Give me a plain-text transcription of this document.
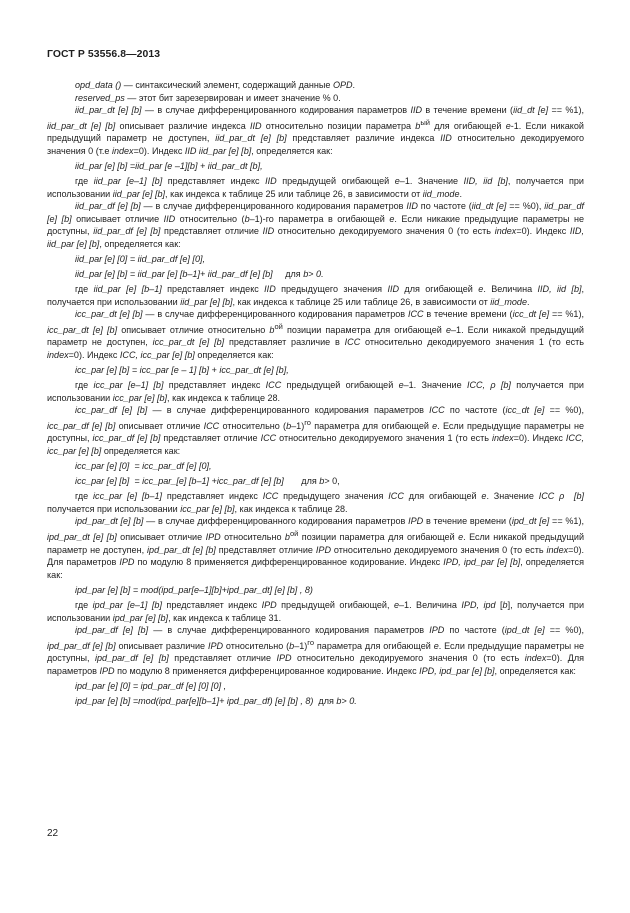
ГОСТ Р 53556.8—2013

opd_data () — синтаксический элемент, содержащий данные OPD.

reserved_ps — этот бит зарезервирован и имеет значение % 0.

iid_par_dt [e] [b] — в случае дифференцированного кодирования параметров IID в течение времени (iid_dt [e] == %1), iid_par_dt [e] [b] описывает различие индекса IID относительно позиции параметра $b^{ый}$ для огибающей e-1. Если никакой предыдущий параметр не доступен, iid_par_dt [e] [b] представляет различие индекса IID относительно декодируемого значения 0 (т.е index=0). Индекс IID iid_par [e] [b], определяется как:

iid_par [e] [b] =iid_par [e –1][b] + iid_par_dt [b],

где iid_par [e–1] [b] представляет индекс IID предыдущей огибающей e–1. Значение IID, iid [b], получается при использовании iid_par [e] [b], как индекса к таблице 25 или таблице 26, в зависимости от iid_mode.

iid_par_df [e] [b] — в случае дифференцированного кодирования параметров IID по частоте (iid_dt [e] == %0), iid_par_df [e] [b] описывает отличие IID относительно (b–1)-го параметра в огибающей e. Если никакие предыдущие параметры не доступны, iid_par_df [e] [b] представляет отличие IID относительно декодируемого значения 0 (то есть index=0). Индекс IID, iid_par [e] [b], определяется как:

iid_par [e] [0] = iid_par_df [e] [0],

iid_par [e] [b] = iid_par [e] [b–1]+ iid_par_df [e] [b]     для b> 0.

где iid_par [e] [b–1] представляет индекс IID предыдущего значения IID для огибающей e. Величина IID, iid [b], получается при использовании iid_par [e] [b], как индекса к таблице 25 или таблице 26, в зависимости от iid_mode.

icc_par_dt [e] [b] — в случае дифференцированного кодирования параметров ICC в течение времени (icc_dt [e] == %1), icc_par_dt [e] [b] описывает отличие относительно $b^{ой}$ позиции параметра для огибающей e–1. Если никакой предыдущий параметр не доступен, icc_par_dt [e] [b] представляет различие в ICC относительно декодируемого значения 1 (то есть index=0). Индекс ICC, icc_par [e] [b] определяется как:

icc_par [e] [b] = icc_par [e – 1] [b] + icc_par_dt [e] [b],

где icc_par [e–1] [b] представляет индекс ICC предыдущей огибающей e–1. Значение ICC, ρ [b] получается при использовании icc_par [e] [b], как индекса к таблице 28.

icc_par_df [e] [b] — в случае дифференцированного кодирования параметров ICC по частоте (icc_dt [e] == %0), icc_par_df [e] [b] описывает отличие ICC относительно $(b-1)^{го}$ параметра для огибающей e. Если предыдущие параметры не доступны, icc_par_df [e] [b] представляет отличие ICC относительно декодируемого значения 1 (то есть index=0). Индекс ICC, icc_par [e] [b] определяется как:

icc_par [e] [0]  = icc_par_df [e] [0],

icc_par [e] [b]  = icc_par_[e] [b–1] +icc_par_df [e] [b]       для b> 0,

где icc_par [e] [b–1] представляет индекс ICC предыдущего значения ICC для огибающей e. Значение ICC ρ  [b] получается при использовании icc_par [e] [b], как индекса к таблице 28.

ipd_par_dt [e] [b] — в случае дифференцированного кодирования параметров IPD в течение времени (ipd_dt [e] == %1), ipd_par_dt [e] [b] описывает отличие IPD относительно $b^{ой}$ позиции параметра для огибающей e. Если никакой предыдущий параметр не доступен, ipd_par_dt [e] [b] представляет отличие IPD относительно декодируемого значения 0 (то есть index=0). Для параметров IPD по модулю 8 применяется дифференцированное кодирование. Индекс IPD, ipd_par [e] [b], определяется как:

ipd_par [e] [b] = mod(ipd_par[e–1][b]+ipd_par_dt] [e] [b] , 8)

где ipd_par [e–1] [b] представляет индекс IPD предыдущей огибающей, e–1. Величина IPD, ipd [b], получается при использовании ipd_par [e] [b], как индекса к таблице 31.

ipd_par_df [e] [b] — в случае дифференцированного кодирования параметров IPD по частоте (ipd_dt [e] == %0), ipd_par_df [e] [b] описывает различие IPD относительно $(b-1)^{го}$ параметра для огибающей e. Если предыдущие параметры не доступны, ipd_par_df [e] [b] представляет отличие IPD относительно декодируемого значения 0 (то есть index=0). Для параметров IPD по модулю 8 применяется дифференцированное кодирование. Индекс IPD, ipd_par [e] [b], определяется как:

ipd_par [e] [0] = ipd_par_df [e] [0] [0] ,

ipd_par [e] [b] =mod(ipd_par[e][b–1]+ ipd_par_df) [e] [b] , 8)  для b> 0.

22
